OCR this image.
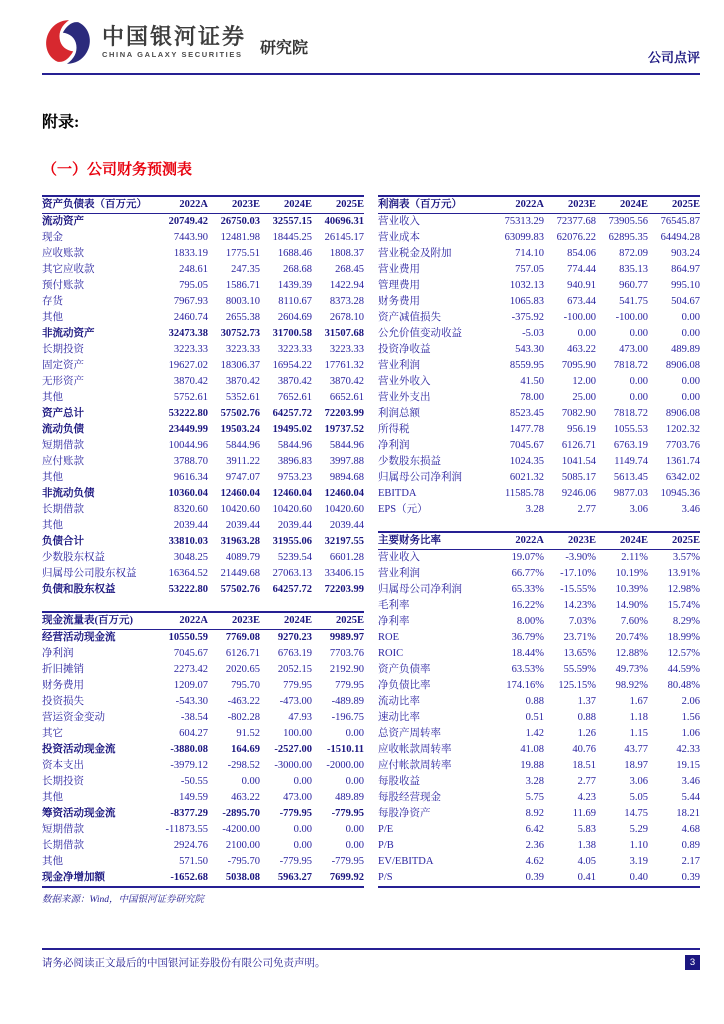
中国银河证券
CHINA GALAXY SECURITIES 研究院
公司点评
附录:
（一）公司财务预测表
资产负债表（百万元）	2022A	2023E	2024E	2025E
流动资产	20749.42	26750.03	32557.15	40696.31
现金	7443.90	12481.98	18445.25	26145.17
应收账款	1833.19	1775.51	1688.46	1808.37
其它应收款	248.61	247.35	268.68	268.45
预付账款	795.05	1586.71	1439.39	1422.94
存货	7967.93	8003.10	8110.67	8373.28
其他	2460.74	2655.38	2604.69	2678.10
非流动资产	32473.38	30752.73	31700.58	31507.68
长期投资	3223.33	3223.33	3223.33	3223.33
固定资产	19627.02	18306.37	16954.22	17761.32
无形资产	3870.42	3870.42	3870.42	3870.42
其他	5752.61	5352.61	7652.61	6652.61
资产总计	53222.80	57502.76	64257.72	72203.99
流动负债	23449.99	19503.24	19495.02	19737.52
短期借款	10044.96	5844.96	5844.96	5844.96
应付账款	3788.70	3911.22	3896.83	3997.88
其他	9616.34	9747.07	9753.23	9894.68
非流动负债	10360.04	12460.04	12460.04	12460.04
长期借款	8320.60	10420.60	10420.60	10420.60
其他	2039.44	2039.44	2039.44	2039.44
负债合计	33810.03	31963.28	31955.06	32197.55
少数股东权益	3048.25	4089.79	5239.54	6601.28
归属母公司股东权益	16364.52	21449.68	27063.13	33406.15
负债和股东权益	53222.80	57502.76	64257.72	72203.99
现金流量表(百万元)	2022A	2023E	2024E	2025E
经营活动现金流	10550.59	7769.08	9270.23	9989.97
净利润	7045.67	6126.71	6763.19	7703.76
折旧摊销	2273.42	2020.65	2052.15	2192.90
财务费用	1209.07	795.70	779.95	779.95
投资损失	-543.30	-463.22	-473.00	-489.89
营运资金变动	-38.54	-802.28	47.93	-196.75
其它	604.27	91.52	100.00	0.00
投资活动现金流	-3880.08	164.69	-2527.00	-1510.11
资本支出	-3979.12	-298.52	-3000.00	-2000.00
长期投资	-50.55	0.00	0.00	0.00
其他	149.59	463.22	473.00	489.89
筹资活动现金流	-8377.29	-2895.70	-779.95	-779.95
短期借款	-11873.55	-4200.00	0.00	0.00
长期借款	2924.76	2100.00	0.00	0.00
其他	571.50	-795.70	-779.95	-779.95
现金净增加额	-1652.68	5038.08	5963.27	7699.92
数据来源：Wind，中国银河证券研究院
利润表（百万元）	2022A	2023E	2024E	2025E
营业收入	75313.29	72377.68	73905.56	76545.87
营业成本	63099.83	62076.22	62895.35	64494.28
营业税金及附加	714.10	854.06	872.09	903.24
营业费用	757.05	774.44	835.13	864.97
管理费用	1032.13	940.91	960.77	995.10
财务费用	1065.83	673.44	541.75	504.67
资产减值损失	-375.92	-100.00	-100.00	0.00
公允价值变动收益	-5.03	0.00	0.00	0.00
投资净收益	543.30	463.22	473.00	489.89
营业利润	8559.95	7095.90	7818.72	8906.08
营业外收入	41.50	12.00	0.00	0.00
营业外支出	78.00	25.00	0.00	0.00
利润总额	8523.45	7082.90	7818.72	8906.08
所得税	1477.78	956.19	1055.53	1202.32
净利润	7045.67	6126.71	6763.19	7703.76
少数股东损益	1024.35	1041.54	1149.74	1361.74
归属母公司净利润	6021.32	5085.17	5613.45	6342.02
EBITDA	11585.78	9246.06	9877.03	10945.36
EPS（元）	3.28	2.77	3.06	3.46
主要财务比率	2022A	2023E	2024E	2025E
营业收入	19.07%	-3.90%	2.11%	3.57%
营业利润	66.77%	-17.10%	10.19%	13.91%
归属母公司净利润	65.33%	-15.55%	10.39%	12.98%
毛利率	16.22%	14.23%	14.90%	15.74%
净利率	8.00%	7.03%	7.60%	8.29%
ROE	36.79%	23.71%	20.74%	18.99%
ROIC	18.44%	13.65%	12.88%	12.57%
资产负债率	63.53%	55.59%	49.73%	44.59%
净负债比率	174.16%	125.15%	98.92%	80.48%
流动比率	0.88	1.37	1.67	2.06
速动比率	0.51	0.88	1.18	1.56
总资产周转率	1.42	1.26	1.15	1.06
应收帐款周转率	41.08	40.76	43.77	42.33
应付帐款周转率	19.88	18.51	18.97	19.15
每股收益	3.28	2.77	3.06	3.46
每股经营现金	5.75	4.23	5.05	5.44
每股净资产	8.92	11.69	14.75	18.21
P/E	6.42	5.83	5.29	4.68
P/B	2.36	1.38	1.10	0.89
EV/EBITDA	4.62	4.05	3.19	2.17
P/S	0.39	0.41	0.40	0.39
请务必阅读正文最后的中国银河证券股份有限公司免责声明。	3
